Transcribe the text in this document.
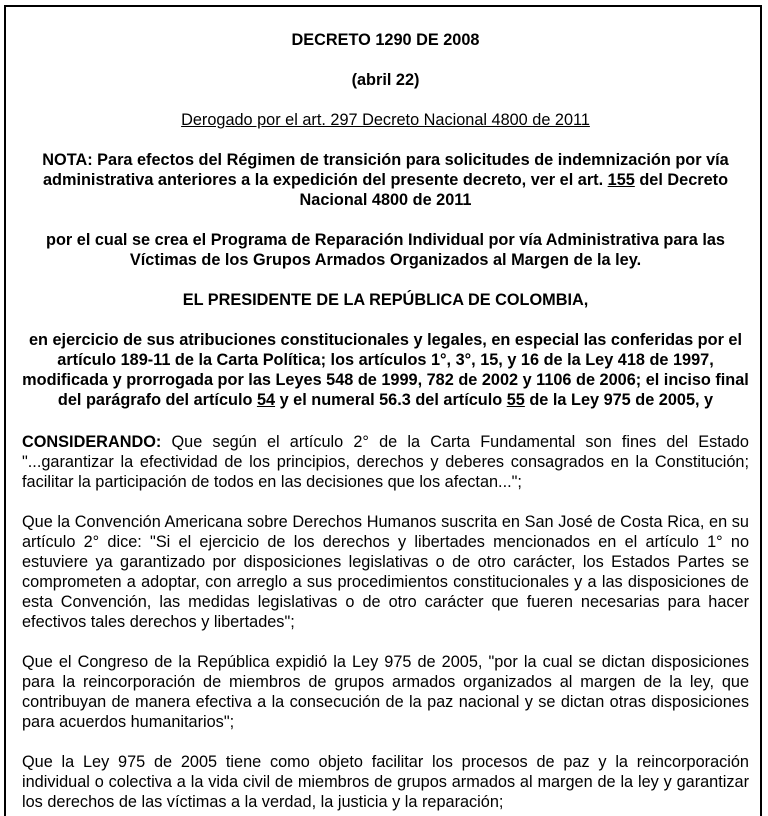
DECRETO 1290 DE 2008

(abril 22)

Derogado por el art. 297 Decreto Nacional 4800 de 2011

NOTA: Para efectos del Régimen de transición para solicitudes de indemnización por vía administrativa anteriores a la expedición del presente decreto, ver el art. 155 del Decreto Nacional 4800 de 2011

por el cual se crea el Programa de Reparación Individual por vía Administrativa para las Víctimas de los Grupos Armados Organizados al Margen de la ley.

EL PRESIDENTE DE LA REPÚBLICA DE COLOMBIA,

en ejercicio de sus atribuciones constitucionales y legales, en especial las conferidas por el artículo 189-11 de la Carta Política; los artículos 1°, 3°, 15, y 16 de la Ley 418 de 1997, modificada y prorrogada por las Leyes 548 de 1999, 782 de 2002 y 1106 de 2006; el inciso final del parágrafo del artículo 54 y el numeral 56.3 del artículo 55 de la Ley 975 de 2005, y

CONSIDERANDO: Que según el artículo 2° de la Carta Fundamental son fines del Estado "...garantizar la efectividad de los principios, derechos y deberes consagrados en la Constitución; facilitar la participación de todos en las decisiones que los afectan...";

Que la Convención Americana sobre Derechos Humanos suscrita en San José de Costa Rica, en su artículo 2° dice: "Si el ejercicio de los derechos y libertades mencionados en el artículo 1° no estuviere ya garantizado por disposiciones legislativas o de otro carácter, los Estados Partes se comprometen a adoptar, con arreglo a sus procedimientos constitucionales y a las disposiciones de esta Convención, las medidas legislativas o de otro carácter que fueren necesarias para hacer efectivos tales derechos y libertades";

Que el Congreso de la República expidió la Ley 975 de 2005, "por la cual se dictan disposiciones para la reincorporación de miembros de grupos armados organizados al margen de la ley, que contribuyan de manera efectiva a la consecución de la paz nacional y se dictan otras disposiciones para acuerdos humanitarios";

Que la Ley 975 de 2005 tiene como objeto facilitar los procesos de paz y la reincorporación individual o colectiva a la vida civil de miembros de grupos armados al margen de la ley y garantizar los derechos de las víctimas a la verdad, la justicia y la reparación;
